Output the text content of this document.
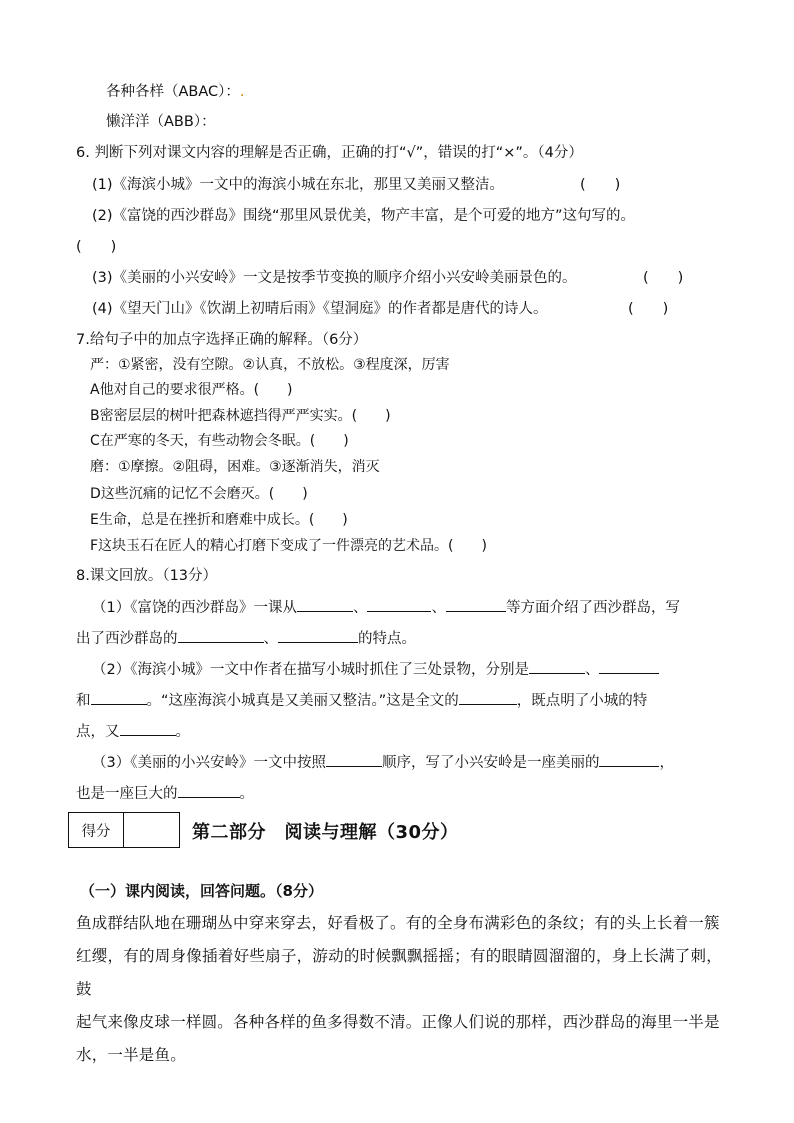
各种各样（ABAC）：.
懒洋洋（ABB）：
6. 判断下列对课文内容的理解是否正确，正确的打“√”，错误的打“×”。（4分）
(1)《海滨小城》一文中的海滨小城在东北，那里又美丽又整洁。	(　　)
(2)《富饶的西沙群岛》围绕“那里风景优美，物产丰富，是个可爱的地方”这句写的。
(　　)
(3)《美丽的小兴安岭》一文是按季节变换的顺序介绍小兴安岭美丽景色的。	(　　)
(4)《望天门山》《饮湖上初晴后雨》《望洞庭》的作者都是唐代的诗人。	(　　)
7.给句子中的加点字选择正确的解释。（6分）
严：①紧密，没有空隙。②认真，不放松。③程度深，厉害
A他对自己的要求很严格。(　　)
B密密层层的树叶把森林遮挡得严严实实。(　　)
C在严寒的冬天，有些动物会冬眠。(　　)
磨：①摩擦。②阻碍，困难。③逐渐消失，消灭
D这些沉痛的记忆不会磨灭。(　　)
E生命，总是在挫折和磨难中成长。(　　)
F这块玉石在匠人的精心打磨下变成了一件漂亮的艺术品。(　　)
8.课文回放。（13分）
（1）《富饶的西沙群岛》一课从	、	、	等方面介绍了西沙群岛，写
出了西沙群岛的	、	的特点。
（2）《海滨小城》一文中作者在描写小城时抓住了三处景物，分别是	、
和	。“这座海滨小城真是又美丽又整洁。”这是全文的	，既点明了小城的特
点，又	。
（3）《美丽的小兴安岭》一文中按照	顺序，写了小兴安岭是一座美丽的	，
也是一座巨大的	。
得分	第二部分　阅读与理解（30分）
（一）课内阅读，回答问题。（8分）
鱼成群结队地在珊瑚丛中穿来穿去，好看极了。有的全身布满彩色的条纹；有的头上长着一簇
红缨，有的周身像插着好些扇子，游动的时候飘飘摇摇；有的眼睛圆溜溜的，身上长满了刺，鼓
起气来像皮球一样圆。各种各样的鱼多得数不清。正像人们说的那样，西沙群岛的海里一半是
水，一半是鱼。
